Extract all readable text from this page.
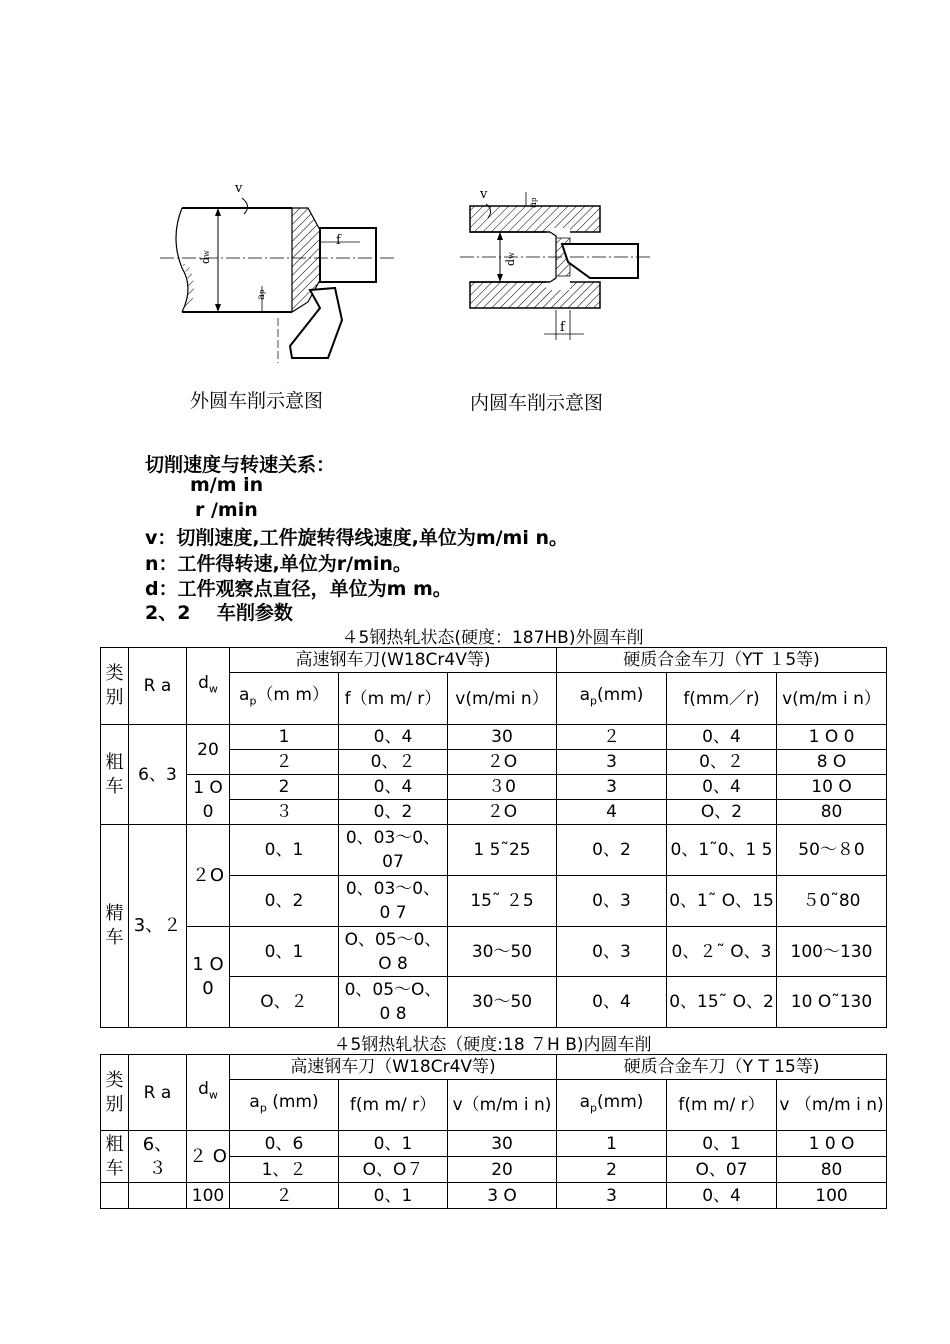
dw
v
f
ap
外圆车削示意图
dw
v
ap
f
内圆车削示意图
切削速度与转速关系：
m/m in
r /min
v：切削速度,工件旋转得线速度,单位为m/mi n。
n：工件得转速,单位为r/min。
d：工件观察点直径，单位为m m。
2、2    车削参数
４5钢热轧状态(硬度：187HB)外圆车削
类别	R a	$d_w$	高速钢车刀(W18Cr4V等)			硬质合金车刀（YT １5等)		
			$a_p(m$ m）	f（m m/ r）	v(m/mi n）	$a_p(mm)$	f(mm／r)	v(m/m i n）
粗车	6、3	20	1	0、4	30	２	0、4	1 O 0
			２	0、２	２O	3	0、２	8 O
		1 O 0	2	0、4	３0	3	0、4	10 O
			３	0、2	２O	4	O、2	80
精车	3、２	２O	0、1	0、03～0、07	1 5˜25	0、2	0、1˜0、1 5	50～８0
			0、2	0、03～0、0 7	15˜ ２5	0、3	0、1˜ O、15	５0˜80
		1 O 0	0、1	O、05～0、 O 8	30～50	0、3	0、２˜ O、3	100～130
			O、２	0、05～O、0 8	30～50	0、4	0、15˜ O、2	10 O˜130
４5钢热轧状态（硬度:18 ７H B)内圆车削
类别	R a	$d_w$	高速钢车刀（W18Cr4V等)			硬质合金车刀（Y T 15等)		
			$a_p$ (mm)	f(m m/ r）	v（m/m i n)	$a_p(mm)$	f(m m/ r）	v （m/m i n)
粗车	6、 ３	２ O	0、6	0、1	30	1	0、1	1 0 O
			1、２	O、O７	20	2	O、07	80
		100	２	0、1	3 O	3	0、4	100
